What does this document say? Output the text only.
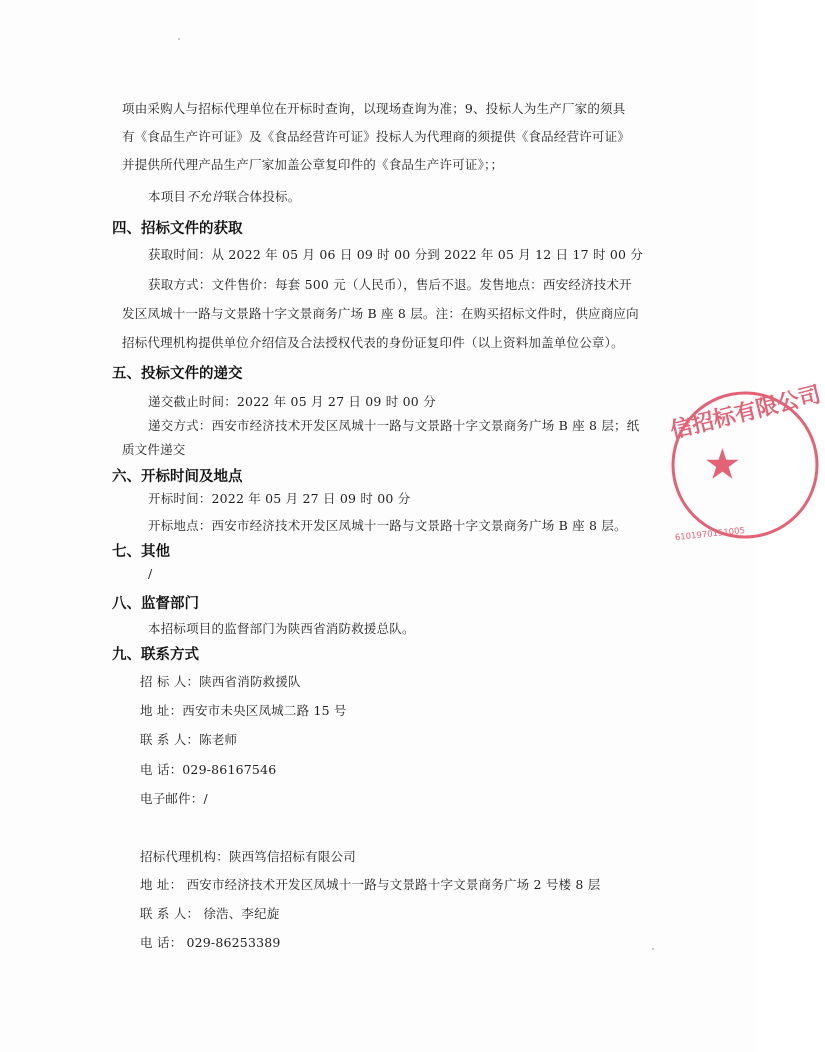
项由采购人与招标代理单位在开标时查询，以现场查询为准；9、投标人为生产厂家的须具
有《食品生产许可证》及《食品经营许可证》投标人为代理商的须提供《食品经营许可证》
并提供所代理产品生产厂家加盖公章复印件的《食品生产许可证》；；
本项目不允许联合体投标。
四、招标文件的获取
获取时间：从 2022 年 05 月 06 日 09 时 00 分到 2022 年 05 月 12 日 17 时 00 分
获取方式：文件售价：每套 500 元（人民币），售后不退。发售地点：西安经济技术开
发区凤城十一路与文景路十字文景商务广场 B 座 8 层。注：在购买招标文件时，供应商应向
招标代理机构提供单位介绍信及合法授权代表的身份证复印件（以上资料加盖单位公章）。
五、投标文件的递交
递交截止时间：2022 年 05 月 27 日 09 时 00 分
递交方式：西安市经济技术开发区凤城十一路与文景路十字文景商务广场 B 座 8 层；纸
质文件递交
六、开标时间及地点
开标时间：2022 年 05 月 27 日 09 时 00 分
开标地点：西安市经济技术开发区凤城十一路与文景路十字文景商务广场 B 座 8 层。
七、其他
/
八、监督部门
本招标项目的监督部门为陕西省消防救援总队。
九、联系方式
招 标 人：陕西省消防救援队
地 址：西安市未央区凤城二路 15 号
联 系 人：陈老师
电 话：029-86167546
电子邮件：/
招标代理机构：陕西笃信招标有限公司
地 址： 西安市经济技术开发区凤城十一路与文景路十字文景商务广场 2 号楼 8 层
联 系 人： 徐浩、李纪旋
电 话： 029-86253389
信招标有限公司
6101970151005
